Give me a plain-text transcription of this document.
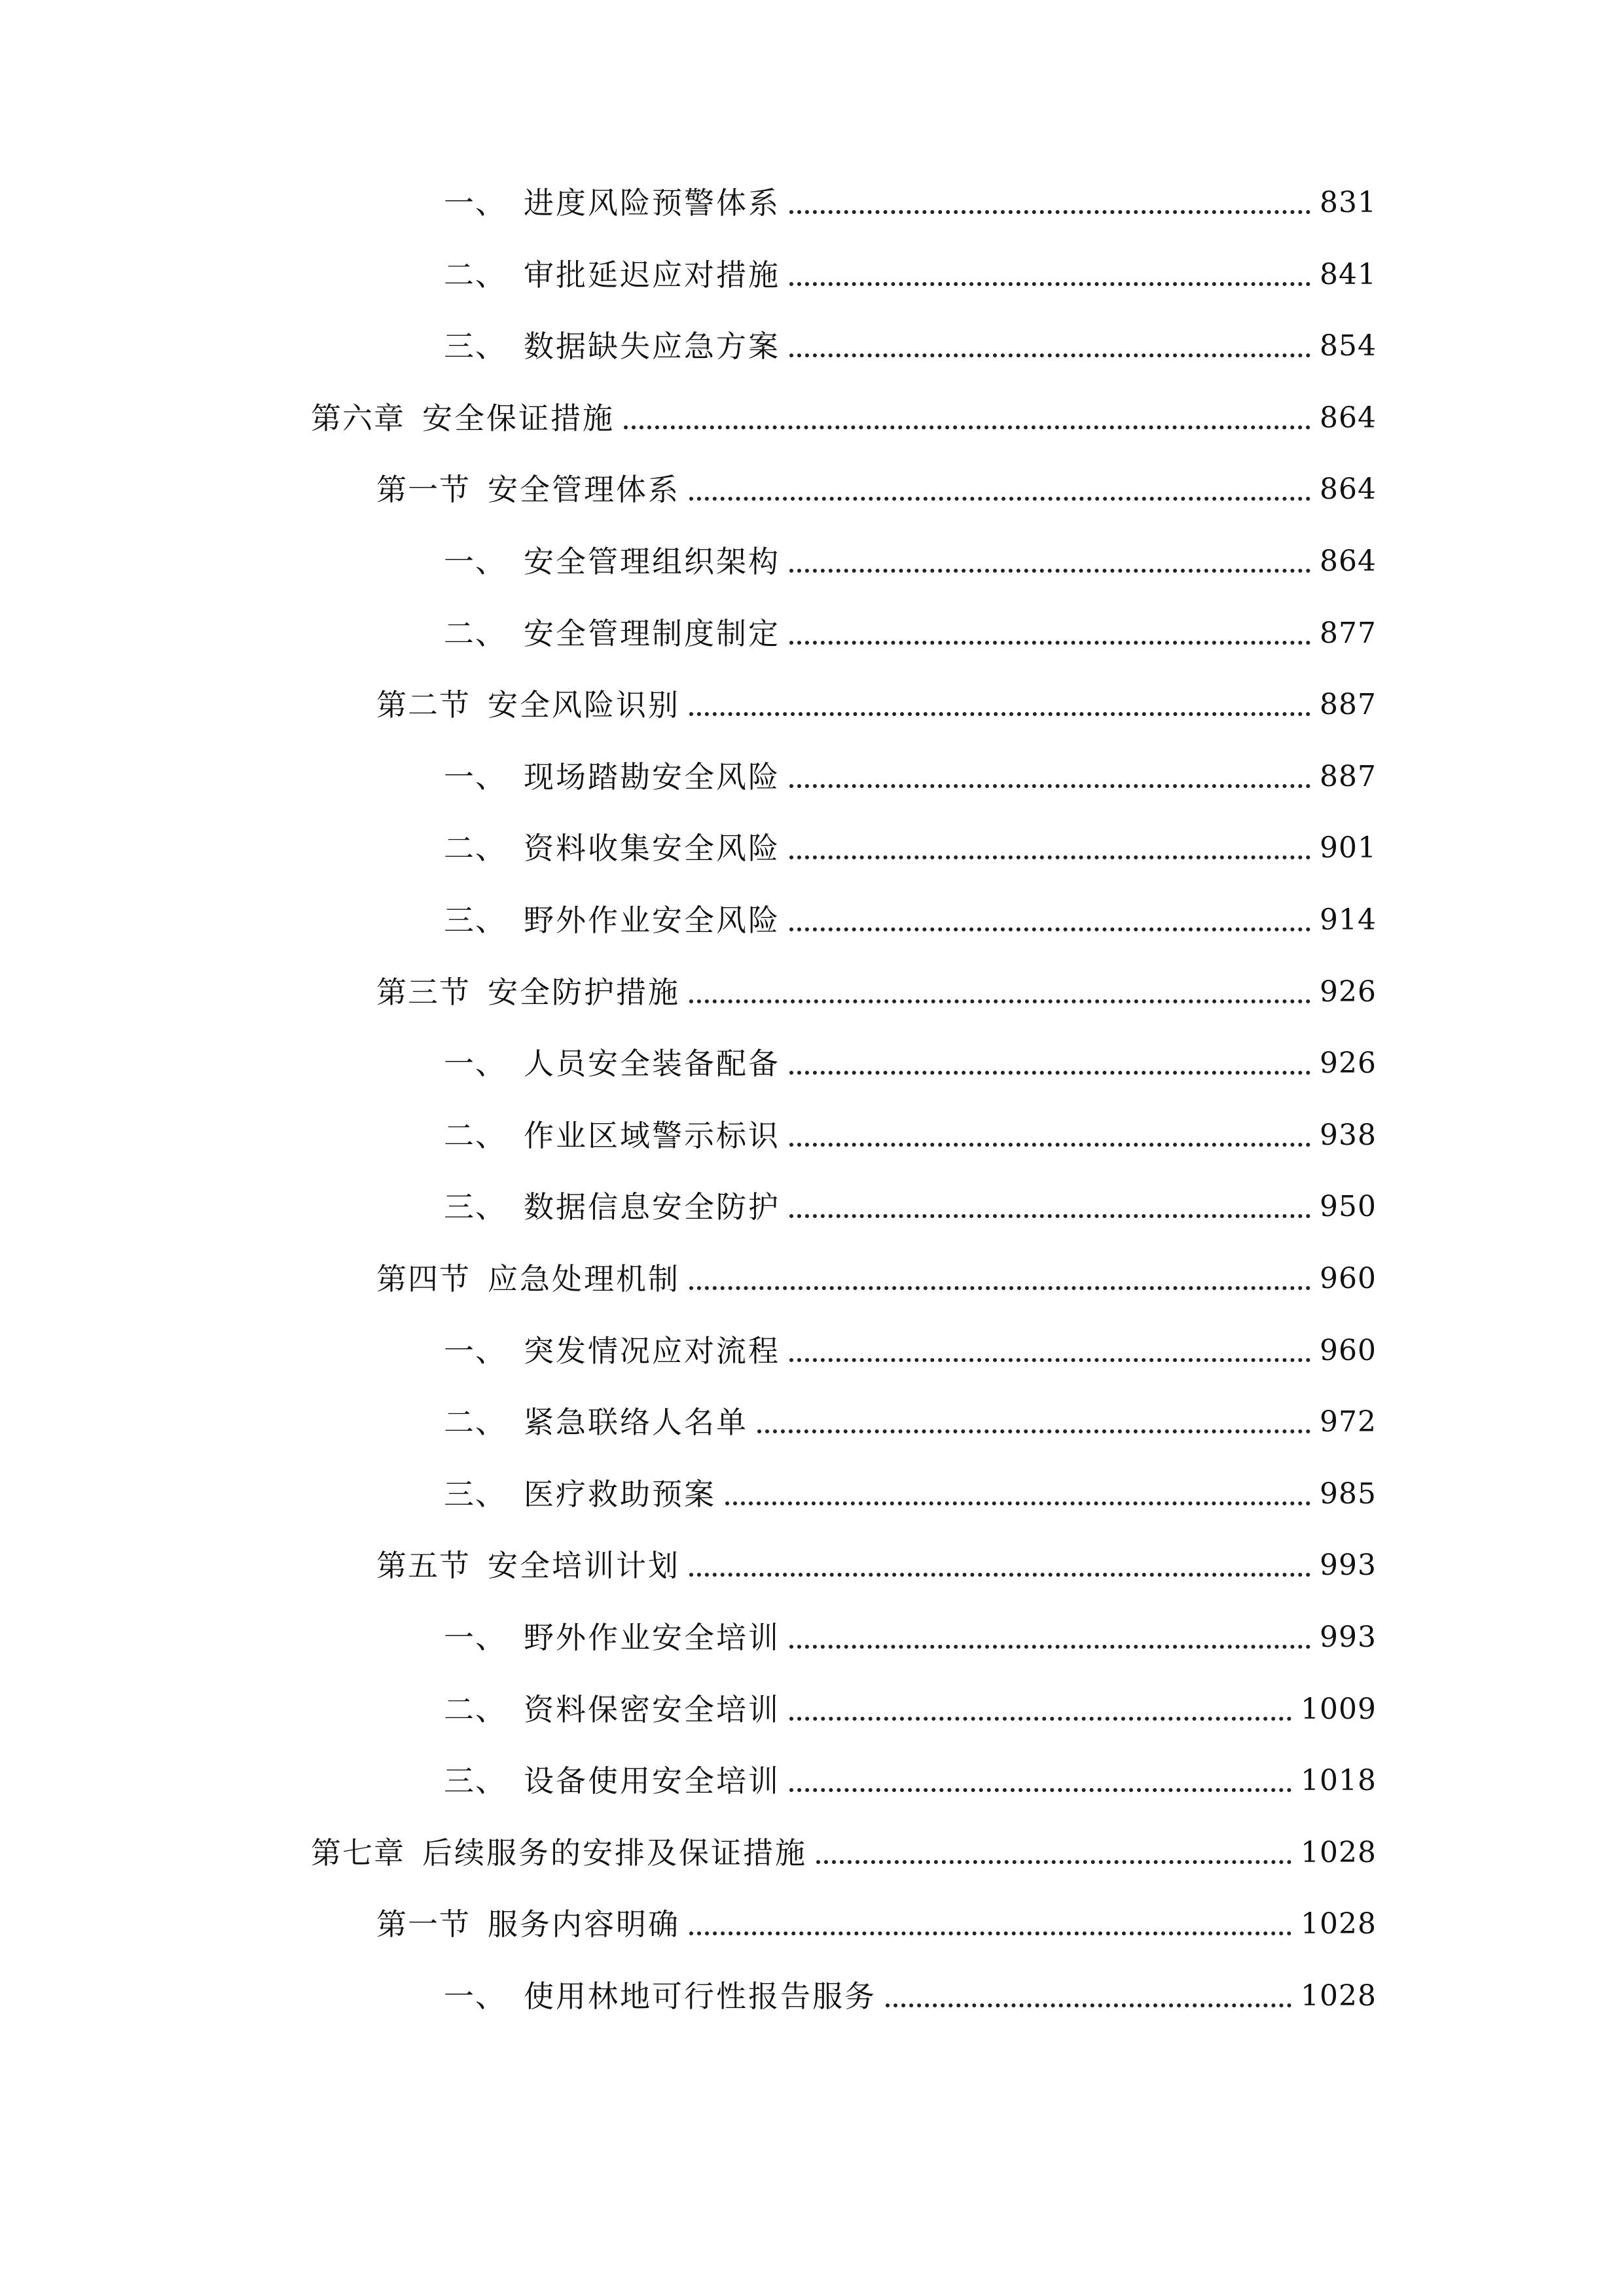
一、 进度风险预警体系	831
二、 审批延迟应对措施	841
三、 数据缺失应急方案	854
第六章 安全保证措施	864
第一节 安全管理体系	864
一、 安全管理组织架构	864
二、 安全管理制度制定	877
第二节 安全风险识别	887
一、 现场踏勘安全风险	887
二、 资料收集安全风险	901
三、 野外作业安全风险	914
第三节 安全防护措施	926
一、 人员安全装备配备	926
二、 作业区域警示标识	938
三、 数据信息安全防护	950
第四节 应急处理机制	960
一、 突发情况应对流程	960
二、 紧急联络人名单	972
三、 医疗救助预案	985
第五节 安全培训计划	993
一、 野外作业安全培训	993
二、 资料保密安全培训	1009
三、 设备使用安全培训	1018
第七章 后续服务的安排及保证措施	1028
第一节 服务内容明确	1028
一、 使用林地可行性报告服务	1028
